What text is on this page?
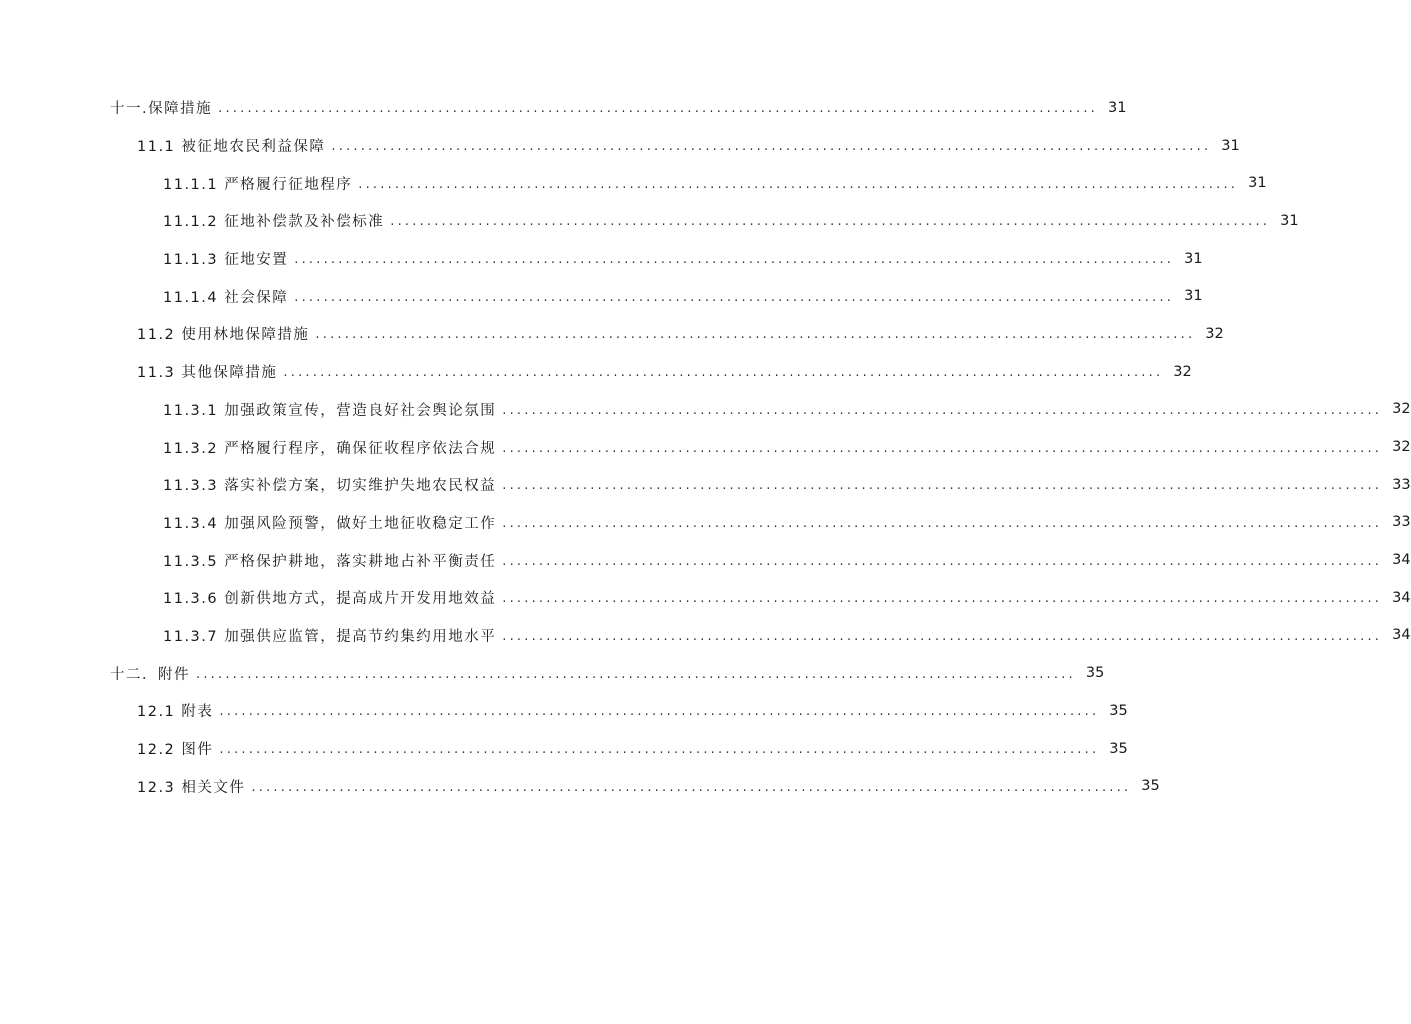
十一.保障措施 ........................................................................................................................ 31
11.1 被征地农民利益保障 ........................................................................................................................ 31
11.1.1 严格履行征地程序 ........................................................................................................................ 31
11.1.2 征地补偿款及补偿标准 ........................................................................................................................ 31
11.1.3 征地安置 ........................................................................................................................ 31
11.1.4 社会保障 ........................................................................................................................ 31
11.2 使用林地保障措施 ........................................................................................................................ 32
11.3 其他保障措施 ........................................................................................................................ 32
11.3.1 加强政策宣传，营造良好社会舆论氛围 ........................................................................................................................ 32
11.3.2 严格履行程序，确保征收程序依法合规 ........................................................................................................................ 32
11.3.3 落实补偿方案，切实维护失地农民权益 ........................................................................................................................ 33
11.3.4 加强风险预警，做好土地征收稳定工作 ........................................................................................................................ 33
11.3.5 严格保护耕地，落实耕地占补平衡责任 ........................................................................................................................ 34
11.3.6 创新供地方式，提高成片开发用地效益 ........................................................................................................................ 34
11.3.7 加强供应监管，提高节约集约用地水平 ........................................................................................................................ 34
十二．附件 ........................................................................................................................ 35
12.1 附表 ........................................................................................................................ 35
12.2 图件 ........................................................................................................................ 35
12.3 相关文件 ........................................................................................................................ 35
